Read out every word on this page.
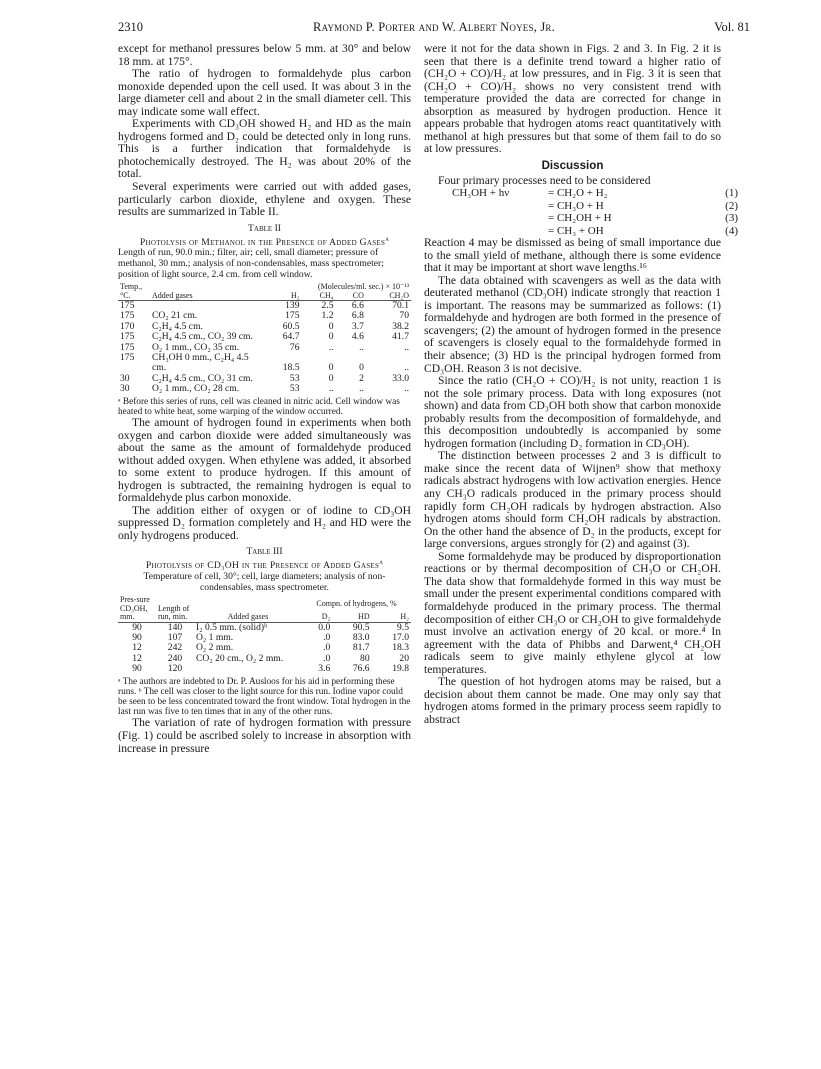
2310	Raymond P. Porter and W. Albert Noyes, Jr.	Vol. 81

except for methanol pressures below 5 mm. at 30° and below 18 mm. at 175°.

The ratio of hydrogen to formaldehyde plus carbon monoxide depended upon the cell used. It was about 3 in the large diameter cell and about 2 in the small diameter cell. This may indicate some wall effect.

Experiments with CD₃OH showed H₂ and HD as the main hydrogens formed and D₂ could be detected only in long runs. This is a further indication that formaldehyde is photochemically destroyed. The H₂ was about 20% of the total.

Several experiments were carried out with added gases, particularly carbon dioxide, ethylene and oxygen. These results are summarized in Table II.

Table II
Photolysis of Methanol in the Presence of Added Gases$^a$
Length of run, 90.0 min.; filter, air; cell, small diameter; pressure of methanol, 30 mm.; analysis of non-condensables, mass spectrometer; position of light source, 2.4 cm. from cell window.
Temp., °C.	Added gases	(Molecules/ml. sec.) × 10⁻¹³			
		H₂	CH₄	CO	CH₂O
175		139	2.5	6.6	70.1
175	CO₂ 21 cm.	175	1.2	6.8	70
170	C₂H₄ 4.5 cm.	60.5	0	3.7	38.2
175	C₂H₄ 4.5 cm., CO₂ 39 cm.	64.7	0	4.6	41.7
175	O₂ 1 mm., CO₂ 35 cm.	76	..	..	..
175	CH₃OH 0 mm., C₂H₄ 4.5				
	cm.	18.5	0	0	..
30	C₂H₄ 4.5 cm., CO₂ 31 cm.	53	0	2	33.0
30	O₂ 1 mm., CO₂ 28 cm.	53	..	..	..
ᵃ Before this series of runs, cell was cleaned in nitric acid. Cell window was heated to white heat, some warping of the window occurred.

The amount of hydrogen found in experiments when both oxygen and carbon dioxide were added simultaneously was about the same as the amount of formaldehyde produced without added oxygen. When ethylene was added, it absorbed to some extent to produce hydrogen. If this amount of hydrogen is subtracted, the remaining hydrogen is equal to formaldehyde plus carbon monoxide.

The addition either of oxygen or of iodine to CD₃OH suppressed D₂ formation completely and H₂ and HD were the only hydrogens produced.

Table III
Photolysis of CD₃OH in the Presence of Added Gases$^a$
Temperature of cell, 30°; cell, large diameters; analysis of non-condensables, mass spectrometer.
Pres-sure CD₃OH, mm.	Length of run, min.	Added gases	Compn. of hydrogens, %		
			D₂	HD	H₂
90	140	I₂ 0.5 mm. (solid)ᵇ	0.0	90.5	9.5
90	107	O₂ 1 mm.	.0	83.0	17.0
12	242	O₂ 2 mm.	.0	81.7	18.3
12	240	CO₂ 20 cm., O₂ 2 mm.	.0	80	20
90	120		3.6	76.6	19.8
ᵃ The authors are indebted to Dr. P. Ausloos for his aid in performing these runs. ᵇ The cell was closer to the light source for this run. Iodine vapor could be seen to be less concentrated toward the front window. Total hydrogen in the last run was five to ten times that in any of the other runs.

The variation of rate of hydrogen formation with pressure (Fig. 1) could be ascribed solely to increase in absorption with increase in pressure

were it not for the data shown in Figs. 2 and 3. In Fig. 2 it is seen that there is a definite trend toward a higher ratio of (CH₂O + CO)/H₂ at low pressures, and in Fig. 3 it is seen that (CH₂O + CO)/H₂ shows no very consistent trend with temperature provided the data are corrected for change in absorption as measured by hydrogen production. Hence it appears probable that hydrogen atoms react quantitatively with methanol at high pressures but that some of them fail to do so at low pressures.

Discussion

Four primary processes need to be considered

CH₃OH + hν	= CH₂O + H₂	(1)
= CH₃O + H	(2)
= CH₂OH + H	(3)
= CH₃ + OH	(4)

Reaction 4 may be dismissed as being of small importance due to the small yield of methane, although there is some evidence that it may be important at short wave lengths.¹⁶

The data obtained with scavengers as well as the data with deuterated methanol (CD₃OH) indicate strongly that reaction 1 is important. The reasons may be summarized as follows: (1) formaldehyde and hydrogen are both formed in the presence of scavengers; (2) the amount of hydrogen formed in the presence of scavengers is closely equal to the formaldehyde formed in their absence; (3) HD is the principal hydrogen formed from CD₃OH. Reason 3 is not decisive.

Since the ratio (CH₂O + CO)/H₂ is not unity, reaction 1 is not the sole primary process. Data with long exposures (not shown) and data from CD₃OH both show that carbon monoxide probably results from the decomposition of formaldehyde, and this decomposition undoubtedly is accompanied by some hydrogen formation (including D₂ formation in CD₃OH).

The distinction between processes 2 and 3 is difficult to make since the recent data of Wijnen⁹ show that methoxy radicals abstract hydrogens with low activation energies. Hence any CH₃O radicals produced in the primary process should rapidly form CH₂OH radicals by hydrogen abstraction. Also hydrogen atoms should form CH₂OH radicals by abstraction. On the other hand the absence of D₂ in the products, except for large conversions, argues strongly for (2) and against (3).

Some formaldehyde may be produced by disproportionation reactions or by thermal decomposition of CH₃O or CH₂OH. The data show that formaldehyde formed in this way must be small under the present experimental conditions compared with formaldehyde produced in the primary process. The thermal decomposition of either CH₃O or CH₂OH to give formaldehyde must involve an activation energy of 20 kcal. or more.⁴ In agreement with the data of Phibbs and Darwent,⁴ CH₂OH radicals seem to give mainly ethylene glycol at low temperatures.

The question of hot hydrogen atoms may be raised, but a decision about them cannot be made. One may only say that hydrogen atoms formed in the primary process seem rapidly to abstract
